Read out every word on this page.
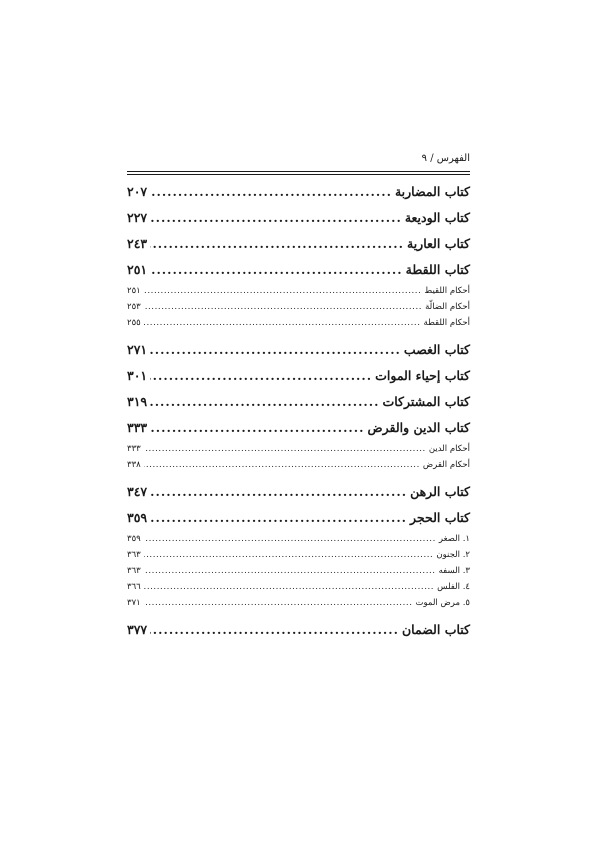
الفهرس / ٩
كتاب المضاربة
.....
٢٠٧
كتاب الوديعة
.....
٢٢٧
كتاب العارية
.....
٢٤٣
كتاب اللقطة
.....
٢٥١
أحكام اللقيط
.....
٢٥١
أحكام الضالّة
.....
٢٥٣
أحكام اللقطة
.....
٢٥٥
كتاب الغصب
.....
٢٧١
كتاب إحياء الموات
.....
٣٠١
كتاب المشتركات
.....
٣١٩
كتاب الدين والقرض
.....
٣٣٣
أحكام الدين
.....
٣٣٣
أحكام القرض
.....
٣٣٨
كتاب الرهن
.....
٣٤٧
كتاب الحجر
.....
٣٥٩
١. الصغر
.....
٣٥٩
٢. الجنون
.....
٣٦٣
٣. السفه
.....
٣٦٣
٤. الفلس
.....
٣٦٦
٥. مرض الموت
.....
٣٧١
كتاب الضمان
.....
٣٧٧
